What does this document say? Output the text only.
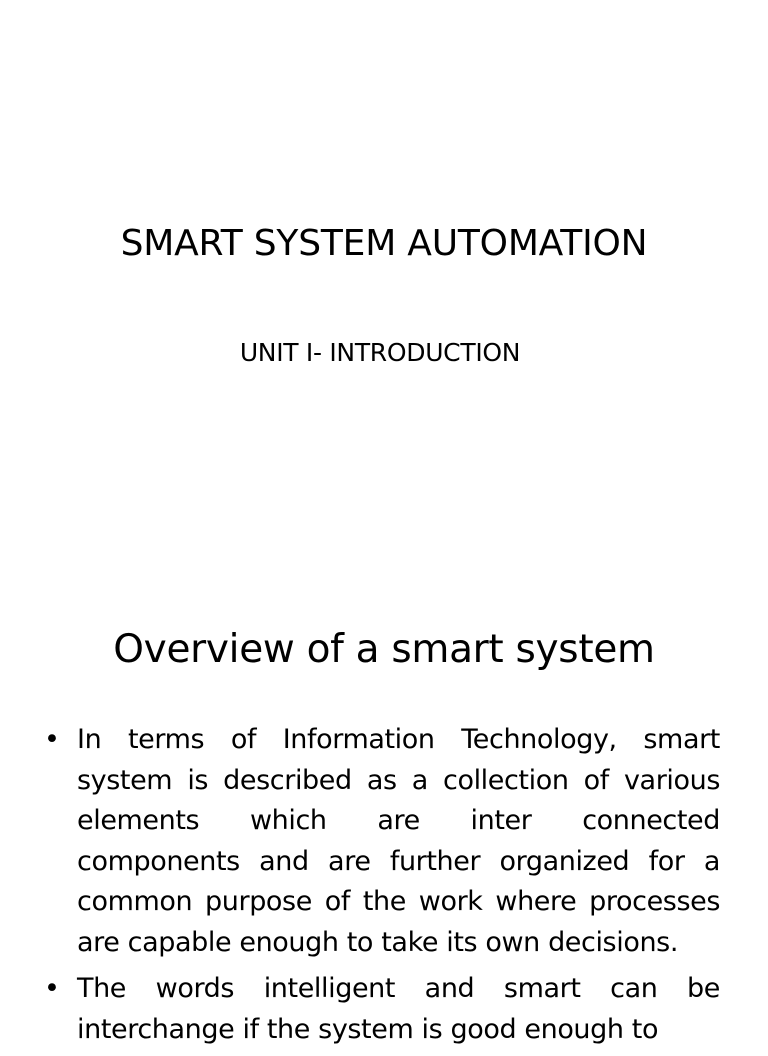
SMART SYSTEM AUTOMATION

UNIT I- INTRODUCTION

Overview of a smart system
• In terms of Information Technology, smart system is described as a collection of various elements which are inter connected components and are further organized for a common purpose of the work where processes are capable enough to take its own decisions.
• The words intelligent and smart can be interchange if the system is good enough to
